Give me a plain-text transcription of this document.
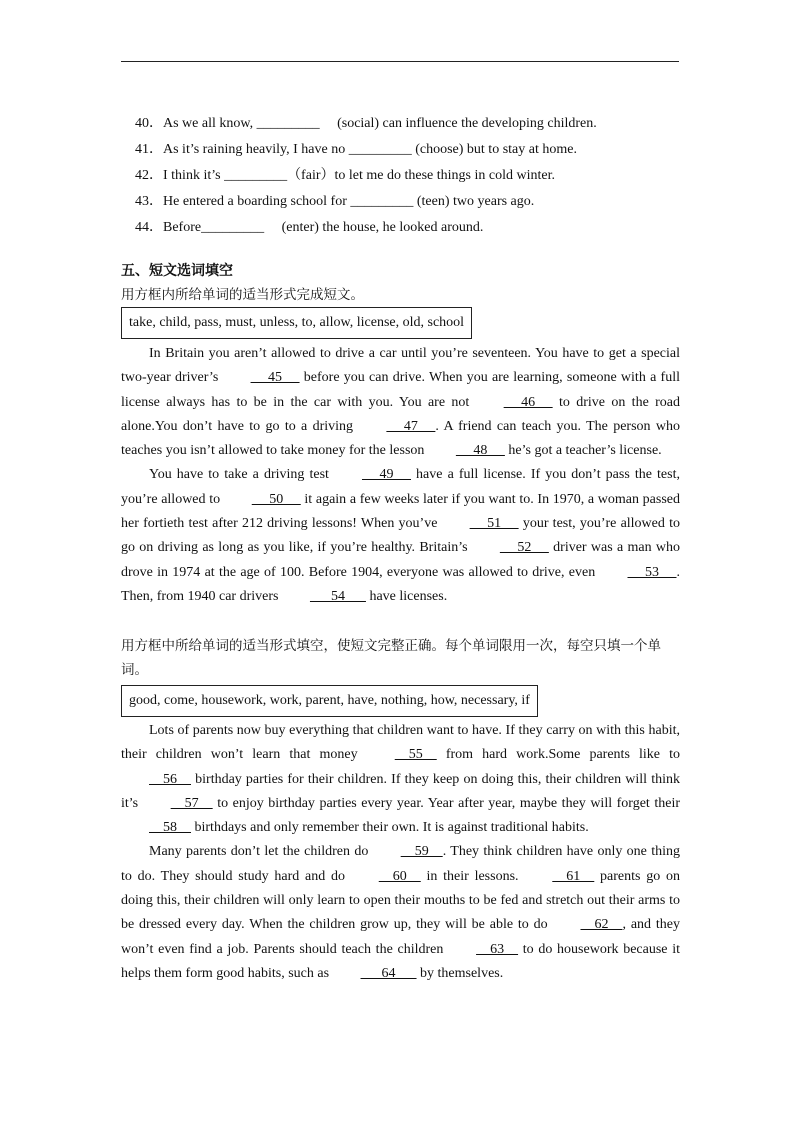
40．As we all know, _________     (social) can influence the developing children.

41．As it’s raining heavily, I have no _________ (choose) but to stay at home.

42．I think it’s _________（fair）to let me do these things in cold winter.

43．He entered a boarding school for _________ (teen) two years ago.

44．Before_________     (enter) the house, he looked around.

五、短文选词填空
用方框内所给单词的适当形式完成短文。
take, child, pass, must, unless, to, allow, license, old, school

In Britain you aren’t allowed to drive a car until you’re seventeen. You have to get a special two-year driver’s      45      before you can drive. When you are learning, someone with a full license always has to be in the car with you. You are not      46      to drive on the road alone.You don’t have to go to a driving      47     . A friend can teach you. The person who teaches you isn’t allowed to take money for the lesson      48      he’s got a teacher’s license.

You have to take a driving test      49      have a full license. If you don’t pass the test, you’re allowed to      50      it again a few weeks later if you want to. In 1970, a woman passed her fortieth test after 212 driving lessons! When you’ve      51      your test, you’re allowed to go on driving as long as you like, if you’re healthy. Britain’s      52      driver was a man who drove in 1974 at the age of 100. Before 1904, everyone was allowed to drive, even      53     . Then, from 1940 car drivers       54       have licenses.

用方框中所给单词的适当形式填空，使短文完整正确。每个单词限用一次，每空只填一个单词。
good, come, housework, work, parent, have, nothing, how, necessary, if

Lots of parents now buy everything that children want to have. If they carry on with this habit, their children won’t learn that money     55     from hard work.Some parents like to     56     birthday parties for their children. If they keep on doing this, their children will think it’s     57     to enjoy birthday parties every year. Year after year, maybe they will forget their     58     birthdays and only remember their own. It is against traditional habits.

Many parents don’t let the children do     59    . They think children have only one thing to do. They should study hard and do     60     in their lessons.     61     parents go on doing this, their children will only learn to open their mouths to be fed and stretch out their arms to be dressed every day. When the children grow up, they will be able to do     62    , and they won’t even find a job. Parents should teach the children     63     to do housework because it helps them form good habits, such as       64       by themselves.
